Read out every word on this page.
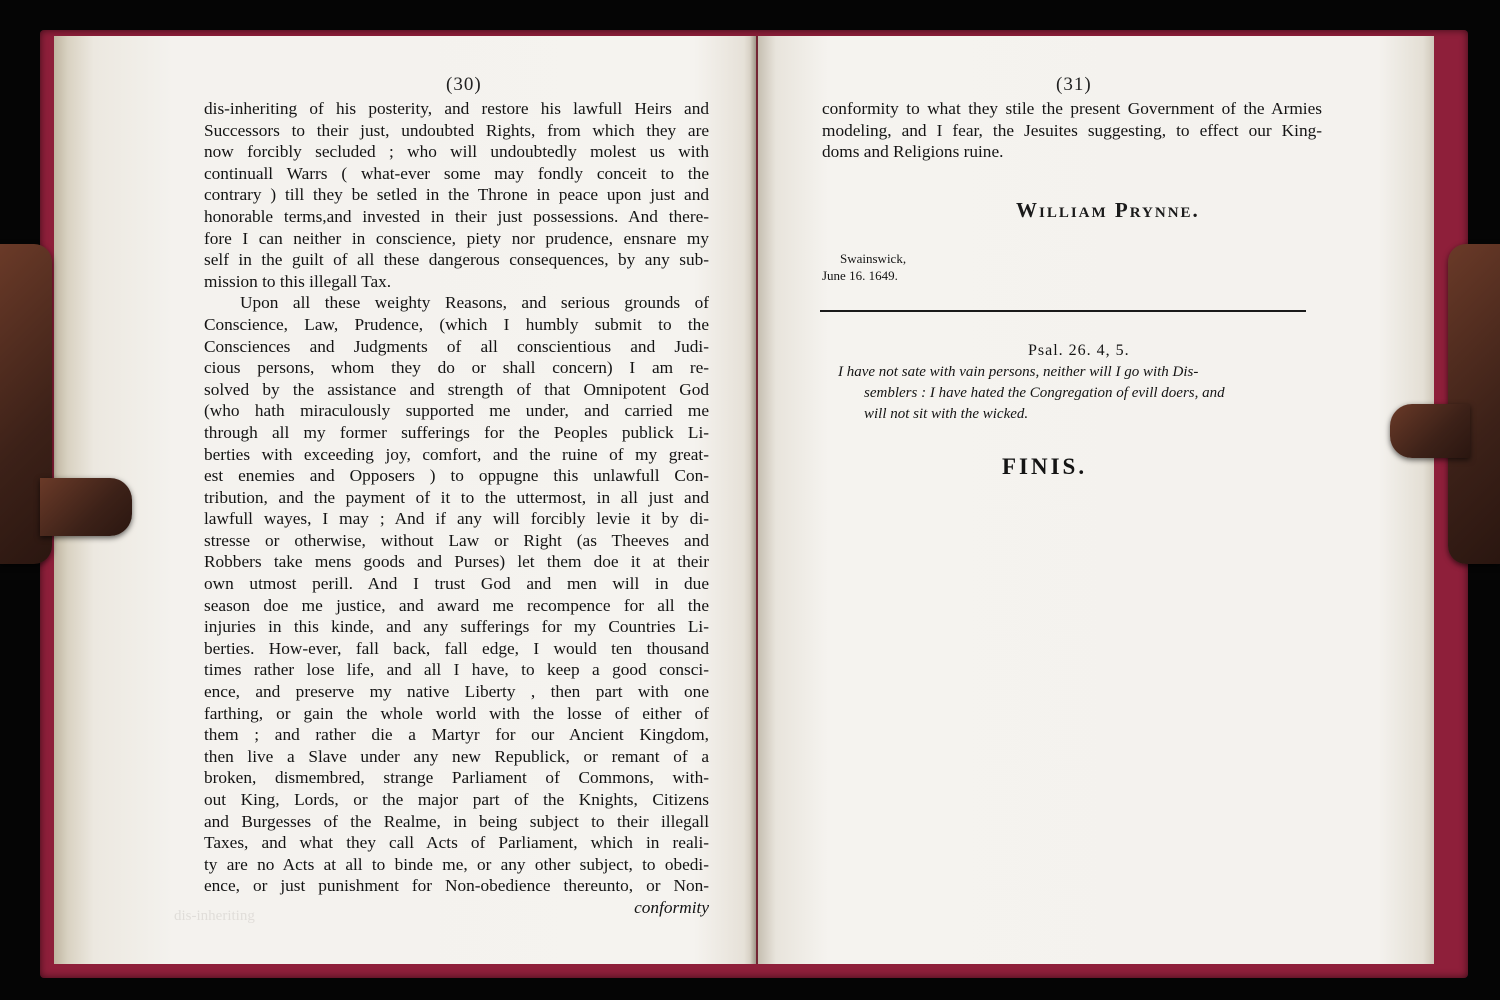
dis-inheriting
(30)
dis-inheriting of his posterity, and restore his lawfull Heirs and
Successors to their just, undoubted Rights, from which they are
now forcibly secluded ; who will undoubtedly molest us with
continuall Warrs ( what-ever some may fondly conceit to the
contrary ) till they be setled in the Throne in peace upon just and
honorable terms,and invested in their just possessions. And there-
fore I can neither in conscience, piety nor prudence, ensnare my
self in the guilt of all these dangerous consequences, by any sub-
mission to this illegall Tax.
Upon all these weighty Reasons, and serious grounds of
Conscience, Law, Prudence, (which I humbly submit to the
Consciences and Judgments of all conscientious and Judi-
cious persons, whom they do or shall concern) I am re-
solved by the assistance and strength of that Omnipotent God
(who hath miraculously supported me under, and carried me
through all my former sufferings for the Peoples publick Li-
berties with exceeding joy, comfort, and the ruine of my great-
est enemies and Opposers ) to oppugne this unlawfull Con-
tribution, and the payment of it to the uttermost, in all just and
lawfull wayes, I may ; And if any will forcibly levie it by di-
stresse or otherwise, without Law or Right (as Theeves and
Robbers take mens goods and Purses) let them doe it at their
own utmost perill. And I trust God and men will in due
season doe me justice, and award me recompence for all the
injuries in this kinde, and any sufferings for my Countries Li-
berties. How-ever, fall back, fall edge, I would ten thousand
times rather lose life, and all I have, to keep a good consci-
ence, and preserve my native Liberty , then part with one
farthing, or gain the whole world with the losse of either of
them ; and rather die a Martyr for our Ancient Kingdom,
then live a Slave under any new Republick, or remant of a
broken, dismembred, strange Parliament of Commons, with-
out King, Lords, or the major part of the Knights, Citizens
and Burgesses of the Realme, in being subject to their illegall
Taxes, and what they call Acts of Parliament, which in reali-
ty are no Acts at all to binde me, or any other subject, to obedi-
ence, or just punishment for Non-obedience thereunto, or Non-
conformity
(31)
conformity to what they stile the present Government of the Armies
modeling, and I fear, the Jesuites suggesting, to effect our King-
doms and Religions ruine.
William Prynne.
Swainswick,
June 16. 1649.
Psal. 26. 4, 5.
I have not sate with vain persons, neither will I go with Dis-
semblers : I have hated the Congregation of evill doers, and
will not sit with the wicked.
FINIS.
